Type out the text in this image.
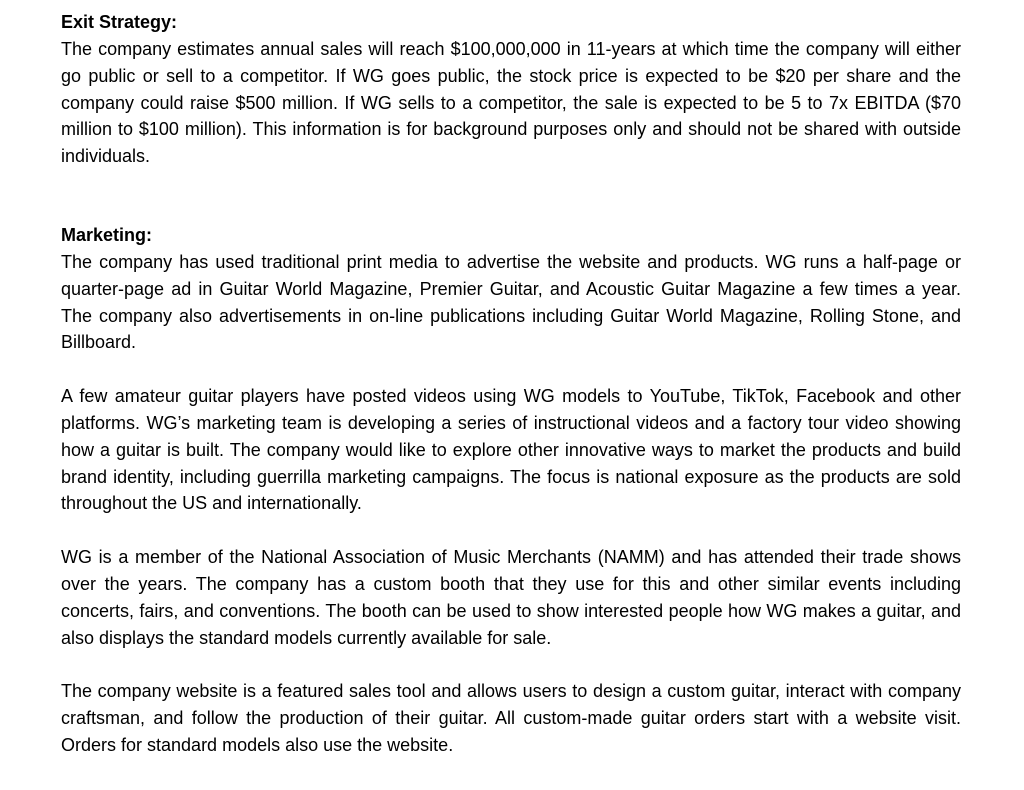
Exit Strategy:

The company estimates annual sales will reach $100,000,000 in 11-years at which time the company will either go public or sell to a competitor. If WG goes public, the stock price is expected to be $20 per share and the company could raise $500 million. If WG sells to a competitor, the sale is expected to be 5 to 7x EBITDA ($70 million to $100 million). This information is for background purposes only and should not be shared with outside individuals.

Marketing:

The company has used traditional print media to advertise the website and products. WG runs a half-page or quarter-page ad in Guitar World Magazine, Premier Guitar, and Acoustic Guitar Magazine a few times a year. The company also advertisements in on-line publications including Guitar World Magazine, Rolling Stone, and Billboard.

A few amateur guitar players have posted videos using WG models to YouTube, TikTok, Facebook and other platforms. WG’s marketing team is developing a series of instructional videos and a factory tour video showing how a guitar is built. The company would like to explore other innovative ways to market the products and build brand identity, including guerrilla marketing campaigns. The focus is national exposure as the products are sold throughout the US and internationally.

WG is a member of the National Association of Music Merchants (NAMM) and has attended their trade shows over the years. The company has a custom booth that they use for this and other similar events including concerts, fairs, and conventions. The booth can be used to show interested people how WG makes a guitar, and also displays the standard models currently available for sale.

The company website is a featured sales tool and allows users to design a custom guitar, interact with company craftsman, and follow the production of their guitar. All custom-made guitar orders start with a website visit. Orders for standard models also use the website.
